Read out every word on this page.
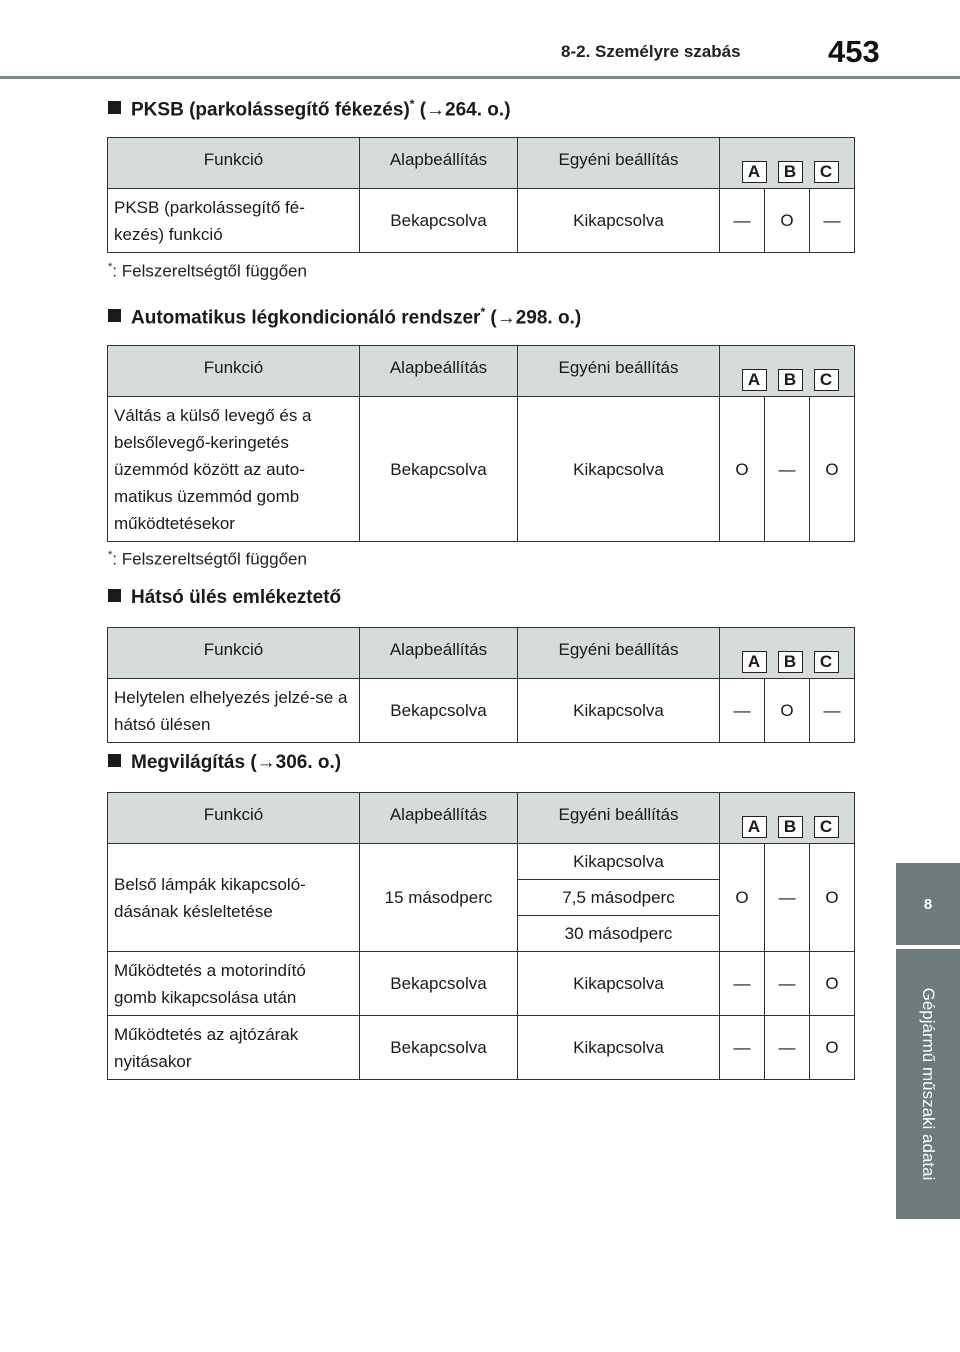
8-2. Személyre szabás	453
8
Gépjármű műszaki adatai
PKSB (parkolássegítő fékezés)* (→264. o.)
Funkció	Alapbeállítás	Egyéni beállítás	A B C		

PKSB (parkolássegítő fé-kezés) funkció	Bekapcsolva	Kikapcsolva	—	O	—
*: Felszereltségtől függően
Automatikus légkondicionáló rendszer* (→298. o.)
Funkció	Alapbeállítás	Egyéni beállítás	A B C		

Váltás a külső levegő és a belsőlevegő-keringetés üzemmód között az auto-matikus üzemmód gomb működtetésekor	Bekapcsolva	Kikapcsolva	O	—	O
*: Felszereltségtől függően
Hátsó ülés emlékeztető
Funkció	Alapbeállítás	Egyéni beállítás	A B C		

Helytelen elhelyezés jelzé-se a hátsó ülésen	Bekapcsolva	Kikapcsolva	—	O	—
Megvilágítás (→306. o.)
Funkció	Alapbeállítás	Egyéni beállítás	A B C		

Belső lámpák kikapcsoló-dásának késleltetése	15 másodperc	Kikapcsolva	O	—	O
		7,5 másodperc			
		30 másodperc			
Működtetés a motorindító gomb kikapcsolása után	Bekapcsolva	Kikapcsolva	—	—	O
Működtetés az ajtózárak nyitásakor	Bekapcsolva	Kikapcsolva	—	—	O
